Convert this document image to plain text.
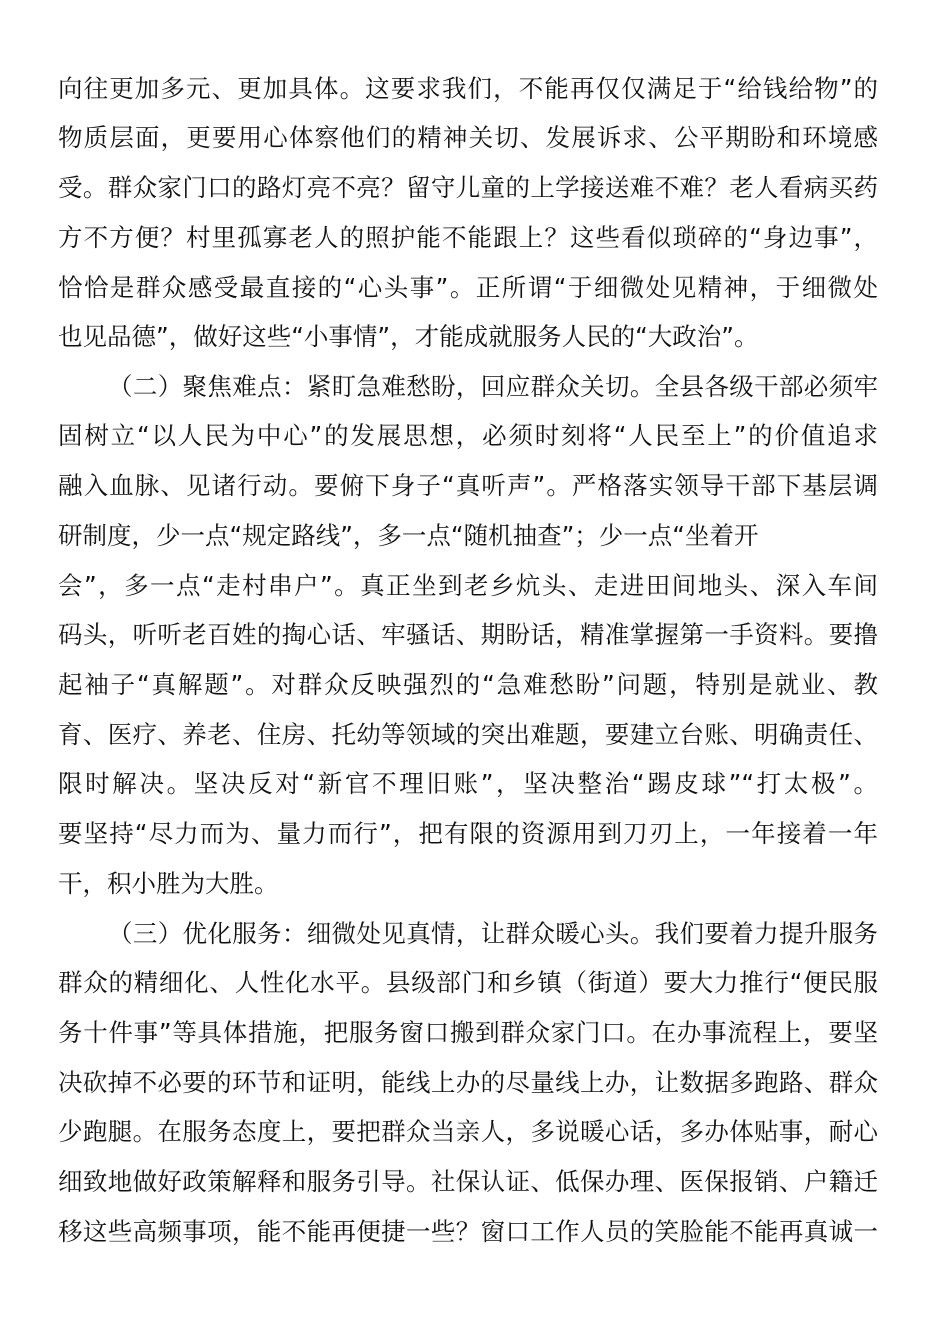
向往更加多元、更加具体。这要求我们，不能再仅仅满足于“给钱给物”的
物质层面，更要用心体察他们的精神关切、发展诉求、公平期盼和环境感
受。群众家门口的路灯亮不亮？留守儿童的上学接送难不难？老人看病买药
方不方便？村里孤寡老人的照护能不能跟上？这些看似琐碎的“身边事”，
恰恰是群众感受最直接的“心头事”。正所谓“于细微处见精神，于细微处
也见品德”，做好这些“小事情”，才能成就服务人民的“大政治”。
（二）聚焦难点：紧盯急难愁盼，回应群众关切。全县各级干部必须牢
固树立“以人民为中心”的发展思想，必须时刻将“人民至上”的价值追求
融入血脉、见诸行动。要俯下身子“真听声”。严格落实领导干部下基层调
研制度，少一点“规定路线”，多一点“随机抽查”；少一点“坐着开
会”，多一点“走村串户”。真正坐到老乡炕头、走进田间地头、深入车间
码头，听听老百姓的掏心话、牢骚话、期盼话，精准掌握第一手资料。要撸
起袖子“真解题”。对群众反映强烈的“急难愁盼”问题，特别是就业、教
育、医疗、养老、住房、托幼等领域的突出难题，要建立台账、明确责任、
限时解决。坚决反对“新官不理旧账”，坚决整治“踢皮球”“打太极”。
要坚持“尽力而为、量力而行”，把有限的资源用到刀刃上，一年接着一年
干，积小胜为大胜。
（三）优化服务：细微处见真情，让群众暖心头。我们要着力提升服务
群众的精细化、人性化水平。县级部门和乡镇（街道）要大力推行“便民服
务十件事”等具体措施，把服务窗口搬到群众家门口。在办事流程上，要坚
决砍掉不必要的环节和证明，能线上办的尽量线上办，让数据多跑路、群众
少跑腿。在服务态度上，要把群众当亲人，多说暖心话，多办体贴事，耐心
细致地做好政策解释和服务引导。社保认证、低保办理、医保报销、户籍迁
移这些高频事项，能不能再便捷一些？窗口工作人员的笑脸能不能再真诚一
